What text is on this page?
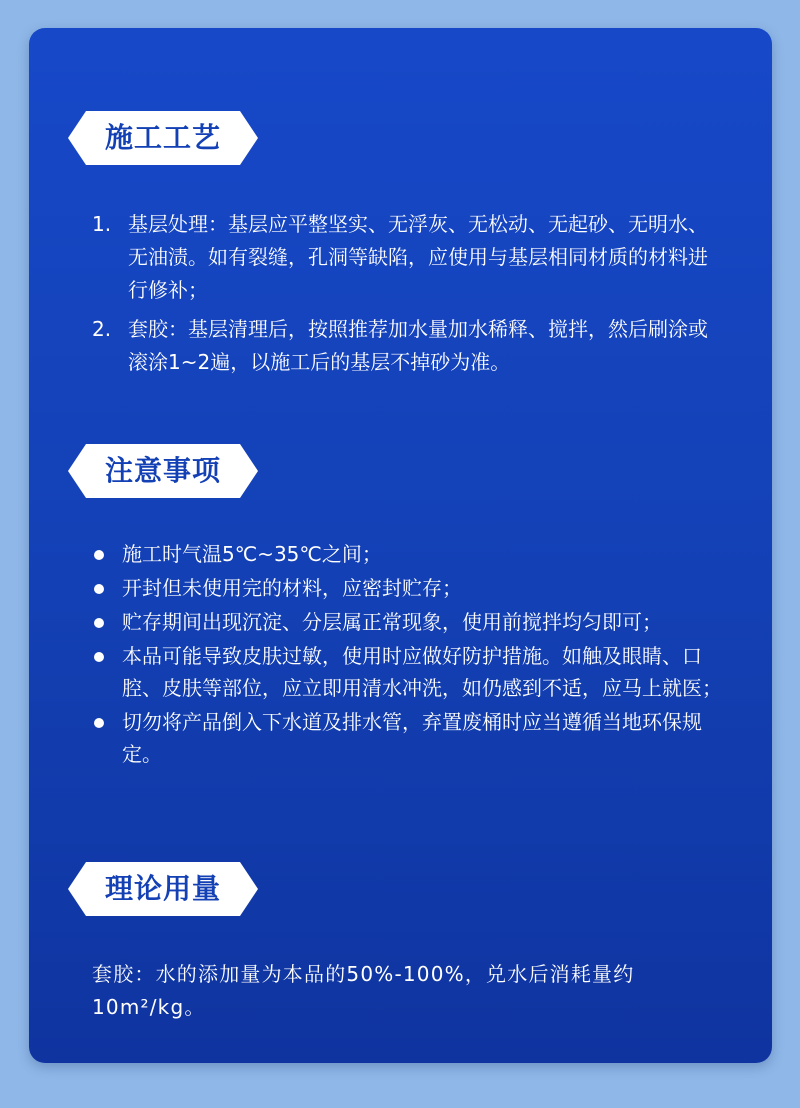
施工工艺
1. 基层处理：基层应平整坚实、无浮灰、无松动、无起砂、无明水、无油渍。如有裂缝，孔洞等缺陷，应使用与基层相同材质的材料进行修补；
2. 套胶：基层清理后，按照推荐加水量加水稀释、搅拌，然后刷涂或滚涂1~2遍，以施工后的基层不掉砂为准。
注意事项
施工时气温5℃~35℃之间；
开封但未使用完的材料，应密封贮存；
贮存期间出现沉淀、分层属正常现象，使用前搅拌均匀即可；
本品可能导致皮肤过敏，使用时应做好防护措施。如触及眼睛、口腔、皮肤等部位，应立即用清水冲洗，如仍感到不适，应马上就医；
切勿将产品倒入下水道及排水管，弃置废桶时应当遵循当地环保规定。
理论用量

套胶：水的添加量为本品的50%-100%，兑水后消耗量约10m²/kg。
